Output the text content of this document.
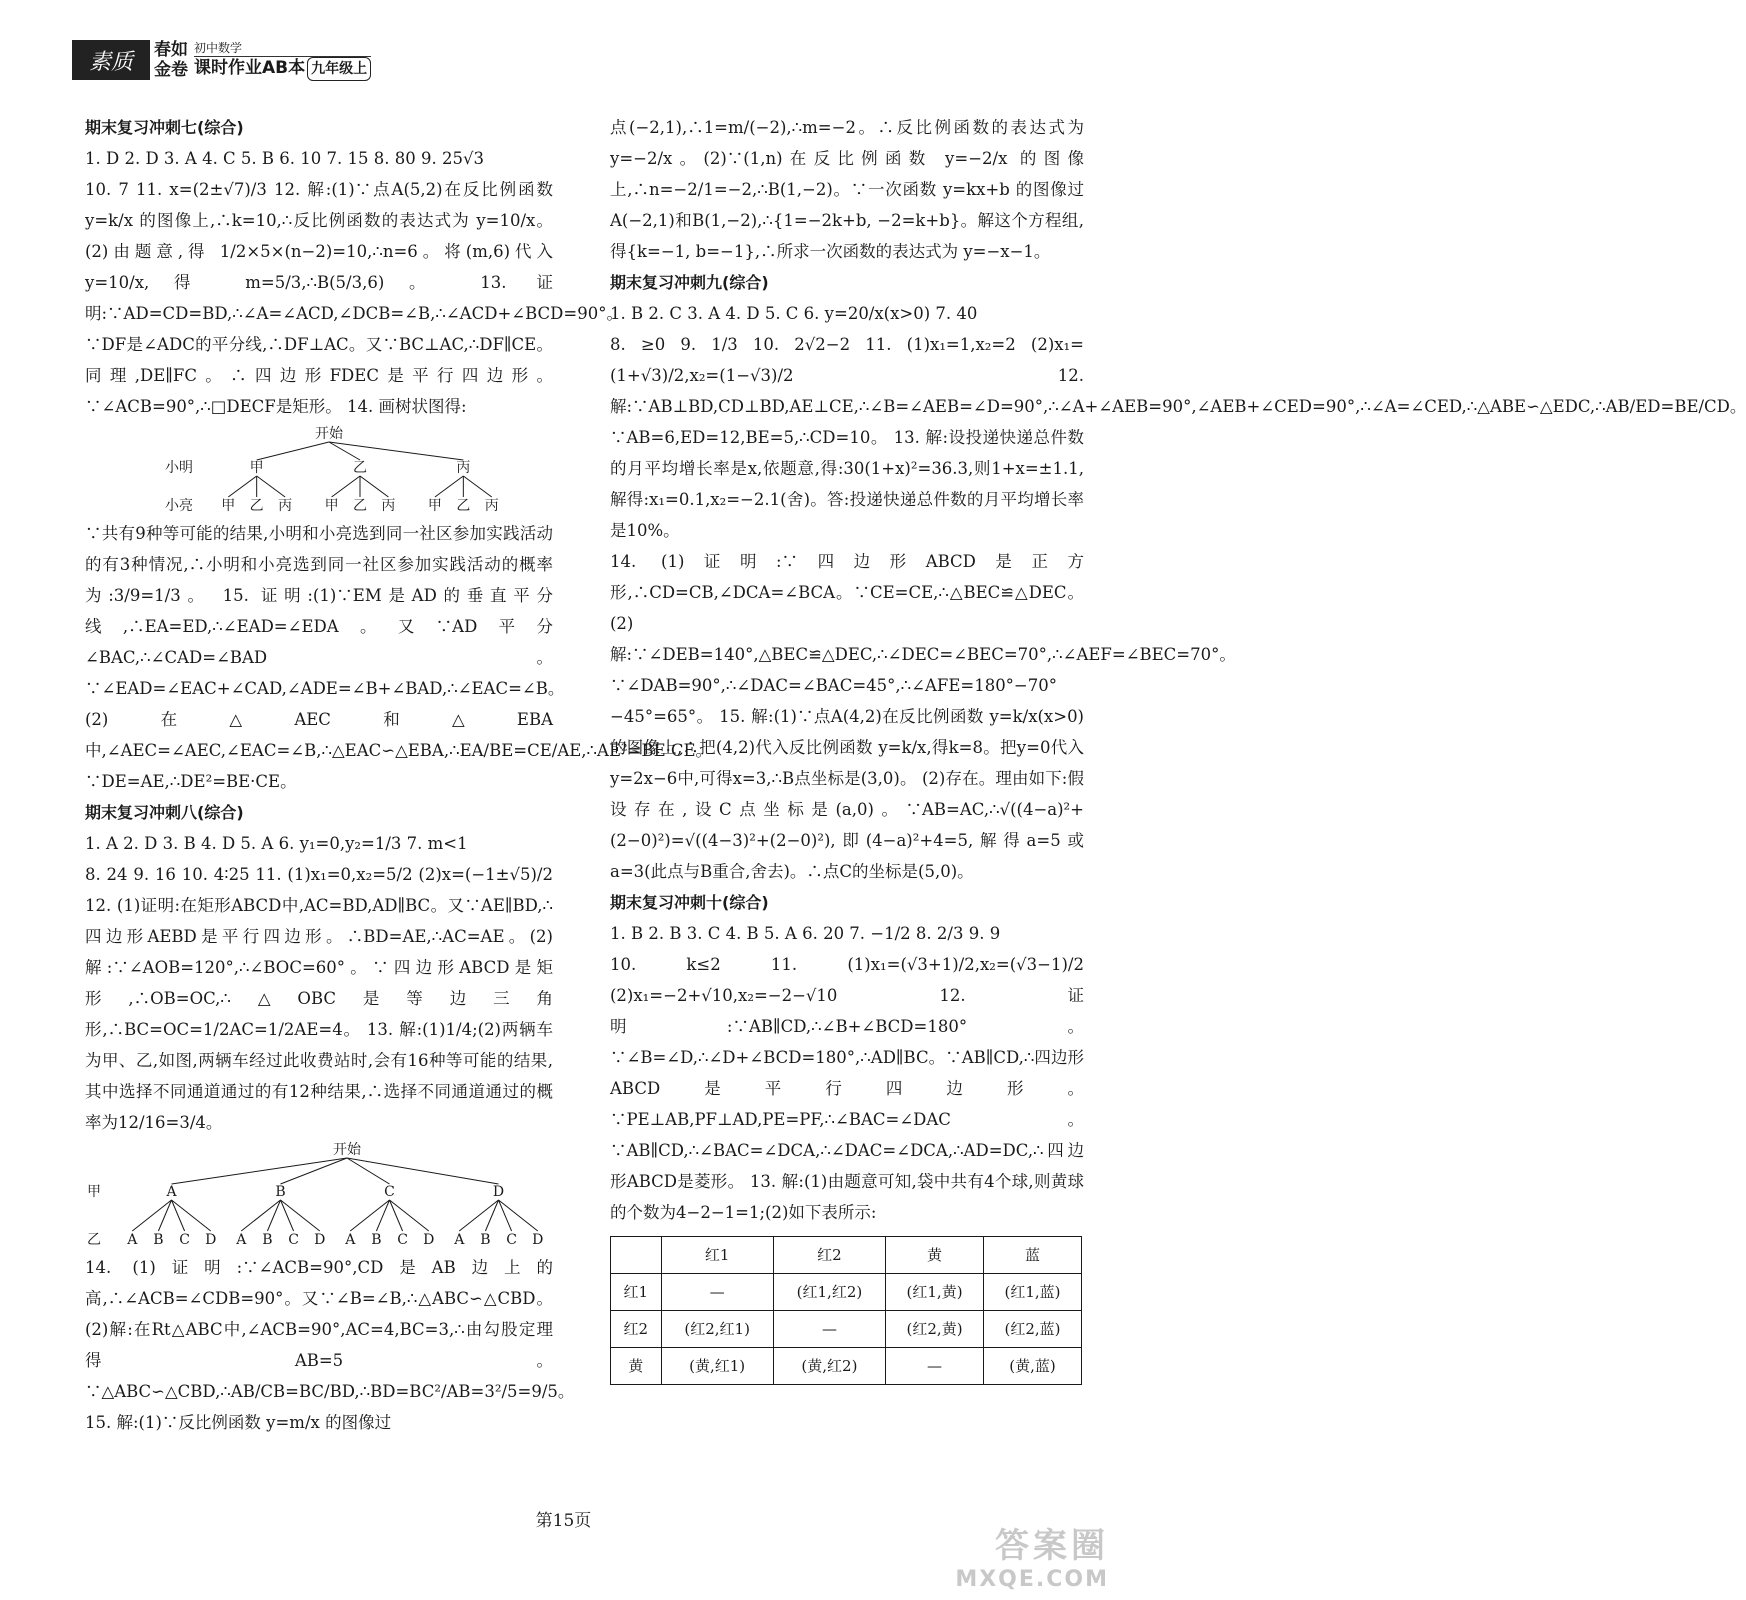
素质	春如
金卷
初中数学
课时作业AB本 九年级上

期末复习冲刺七(综合)

1. D 2. D 3. A 4. C 5. B 6. 10 7. 15 8. 80 9. 25√3

10. 7 11. x=(2±√7)/3 12. 解:(1)∵点A(5,2)在反比例函数 y=k/x 的图像上,∴k=10,∴反比例函数的表达式为 y=10/x。(2)由题意,得 1/2×5×(n−2)=10,∴n=6。将(m,6)代入 y=10/x,得 m=5/3,∴B(5/3,6)。 13. 证明:∵AD=CD=BD,∴∠A=∠ACD,∠DCB=∠B,∴∠ACD+∠BCD=90°。∵DF是∠ADC的平分线,∴DF⊥AC。又∵BC⊥AC,∴DF∥CE。同理,DE∥FC。∴四边形FDEC是平行四边形。∵∠ACB=90°,∴□DECF是矩形。 14. 画树状图得:

开始
小明
小亮
甲
甲 乙 丙
乙
甲 乙 丙
丙
甲 乙 丙

∵共有9种等可能的结果,小明和小亮选到同一社区参加实践活动的有3种情况,∴小明和小亮选到同一社区参加实践活动的概率为:3/9=1/3。 15. 证明:(1)∵EM是AD的垂直平分线,∴EA=ED,∴∠EAD=∠EDA。又∵AD平分∠BAC,∴∠CAD=∠BAD。∵∠EAD=∠EAC+∠CAD,∠ADE=∠B+∠BAD,∴∠EAC=∠B。(2)在△AEC和△EBA中,∠AEC=∠AEC,∠EAC=∠B,∴△EAC∽△EBA,∴EA/BE=CE/AE,∴AE²=BE·CE。∵DE=AE,∴DE²=BE·CE。

期末复习冲刺八(综合)

1. A 2. D 3. B 4. D 5. A 6. y₁=0,y₂=1/3 7. m<1

8. 24 9. 16 10. 4∶25 11. (1)x₁=0,x₂=5/2 (2)x=(−1±√5)/2 12. (1)证明:在矩形ABCD中,AC=BD,AD∥BC。又∵AE∥BD,∴四边形AEBD是平行四边形。∴BD=AE,∴AC=AE。(2)解:∵∠AOB=120°,∴∠BOC=60°。∵四边形ABCD是矩形,∴OB=OC,∴△OBC是等边三角形,∴BC=OC=1/2AC=1/2AE=4。 13. 解:(1)1/4;(2)两辆车为甲、乙,如图,两辆车经过此收费站时,会有16种等可能的结果,其中选择不同通道通过的有12种结果,∴选择不同通道通过的概率为12/16=3/4。

开始
甲
乙
A
A B C D
B
A B C D
C
A B C D
D
A B C D

14. (1)证明:∵∠ACB=90°,CD是AB边上的高,∴∠ACB=∠CDB=90°。又∵∠B=∠B,∴△ABC∽△CBD。(2)解:在Rt△ABC中,∠ACB=90°,AC=4,BC=3,∴由勾股定理得AB=5。∵△ABC∽△CBD,∴AB/CB=BC/BD,∴BD=BC²/AB=3²/5=9/5。 15. 解:(1)∵反比例函数 y=m/x 的图像过

点(−2,1),∴1=m/(−2),∴m=−2。∴反比例函数的表达式为 y=−2/x。(2)∵(1,n)在反比例函数 y=−2/x 的图像上,∴n=−2/1=−2,∴B(1,−2)。∵一次函数 y=kx+b 的图像过A(−2,1)和B(1,−2),∴{1=−2k+b, −2=k+b}。解这个方程组,得{k=−1, b=−1},∴所求一次函数的表达式为 y=−x−1。

期末复习冲刺九(综合)

1. B 2. C 3. A 4. D 5. C 6. y=20/x(x>0) 7. 40

8. ≥0 9. 1/3 10. 2√2−2 11. (1)x₁=1,x₂=2 (2)x₁=(1+√3)/2,x₂=(1−√3)/2 12. 解:∵AB⊥BD,CD⊥BD,AE⊥CE,∴∠B=∠AEB=∠D=90°,∴∠A+∠AEB=90°,∠AEB+∠CED=90°,∴∠A=∠CED,∴△ABE∽△EDC,∴AB/ED=BE/CD。∵AB=6,ED=12,BE=5,∴CD=10。 13. 解:设投递快递总件数的月平均增长率是x,依题意,得:30(1+x)²=36.3,则1+x=±1.1,解得:x₁=0.1,x₂=−2.1(舍)。答:投递快递总件数的月平均增长率是10%。

14. (1)证明:∵四边形ABCD是正方形,∴CD=CB,∠DCA=∠BCA。∵CE=CE,∴△BEC≌△DEC。 (2)解:∵∠DEB=140°,△BEC≌△DEC,∴∠DEC=∠BEC=70°,∴∠AEF=∠BEC=70°。∵∠DAB=90°,∴∠DAC=∠BAC=45°,∴∠AFE=180°−70°−45°=65°。 15. 解:(1)∵点A(4,2)在反比例函数 y=k/x(x>0)的图像上,∴把(4,2)代入反比例函数 y=k/x,得k=8。把y=0代入y=2x−6中,可得x=3,∴B点坐标是(3,0)。 (2)存在。理由如下:假设存在,设C点坐标是(a,0)。∵AB=AC,∴√((4−a)²+(2−0)²)=√((4−3)²+(2−0)²),即(4−a)²+4=5,解得a=5或a=3(此点与B重合,舍去)。∴点C的坐标是(5,0)。

期末复习冲刺十(综合)

1. B 2. B 3. C 4. B 5. A 6. 20 7. −1/2 8. 2/3 9. 9

10. k≤2 11. (1)x₁=(√3+1)/2,x₂=(√3−1)/2 (2)x₁=−2+√10,x₂=−2−√10 12. 证明:∵AB∥CD,∴∠B+∠BCD=180°。∵∠B=∠D,∴∠D+∠BCD=180°,∴AD∥BC。∵AB∥CD,∴四边形ABCD是平行四边形。∵PE⊥AB,PF⊥AD,PE=PF,∴∠BAC=∠DAC。∵AB∥CD,∴∠BAC=∠DCA,∴∠DAC=∠DCA,∴AD=DC,∴四边形ABCD是菱形。 13. 解:(1)由题意可知,袋中共有4个球,则黄球的个数为4−2−1=1;(2)如下表所示:

	红1	红2	黄	蓝
红1	—	(红1,红2)	(红1,黄)	(红1,蓝)
红2	(红2,红1)	—	(红2,黄)	(红2,蓝)
黄	(黄,红1)	(黄,红2)	—	(黄,蓝)
第15页
答案圈
MXQE.COM
